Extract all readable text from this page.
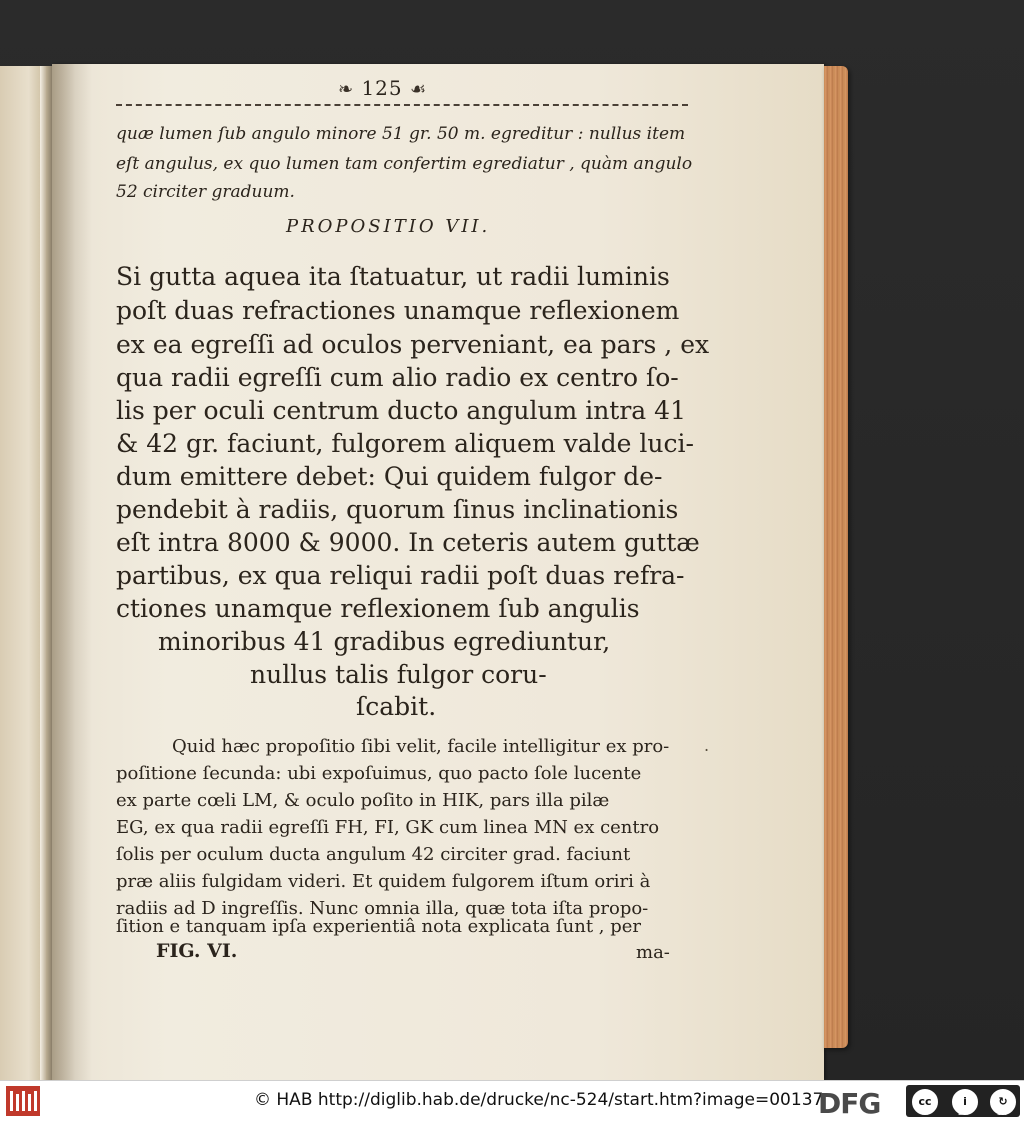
❧ 125 ☙
quæ lumen ſub angulo minore 51 gr. 50 m. egreditur : nullus item
eſt angulus, ex quo lumen tam confertim egrediatur , quàm angulo
52 circiter graduum.
PROPOSITIO VII.
Si gutta aquea ita ſtatuatur, ut radii luminis
poſt duas refractiones unamque reflexionem
ex ea egreſſi ad oculos perveniant, ea pars , ex
qua radii egreſſi cum alio radio ex centro ſo-
lis per oculi centrum ducto angulum intra 41
& 42 gr. faciunt, fulgorem aliquem valde luci-
dum emittere debet: Qui quidem fulgor de-
pendebit à radiis, quorum ſinus inclinationis
eſt intra 8000 & 9000. In ceteris autem guttæ
partibus, ex qua reliqui radii poſt duas refra-
ctiones unamque reflexionem ſub angulis
minoribus 41 gradibus egrediuntur,
nullus talis fulgor coru-
ſcabit.
Quid hæc propoſitio ſibi velit, facile intelligitur ex pro- .
poſitione ſecunda: ubi expoſuimus, quo pacto ſole lucente
ex parte cœli LM, & oculo poſito in HIK, pars illa pilæ
EG, ex qua radii egreſſi FH, FI, GK cum linea MN ex centro
ſolis per oculum ducta angulum 42 circiter grad. faciunt
præ aliis fulgidam videri. Et quidem fulgorem iſtum oriri à
radiis ad D ingreſſis. Nunc omnia illa, quæ tota iſta propo-
ſition e tanquam ipſa experientiâ nota explicata ſunt , per
FIG. VI.	ma-
© HAB http://diglib.hab.de/drucke/nc-524/start.htm?image=00137
DFG	cc	i	↻
BY	SA
